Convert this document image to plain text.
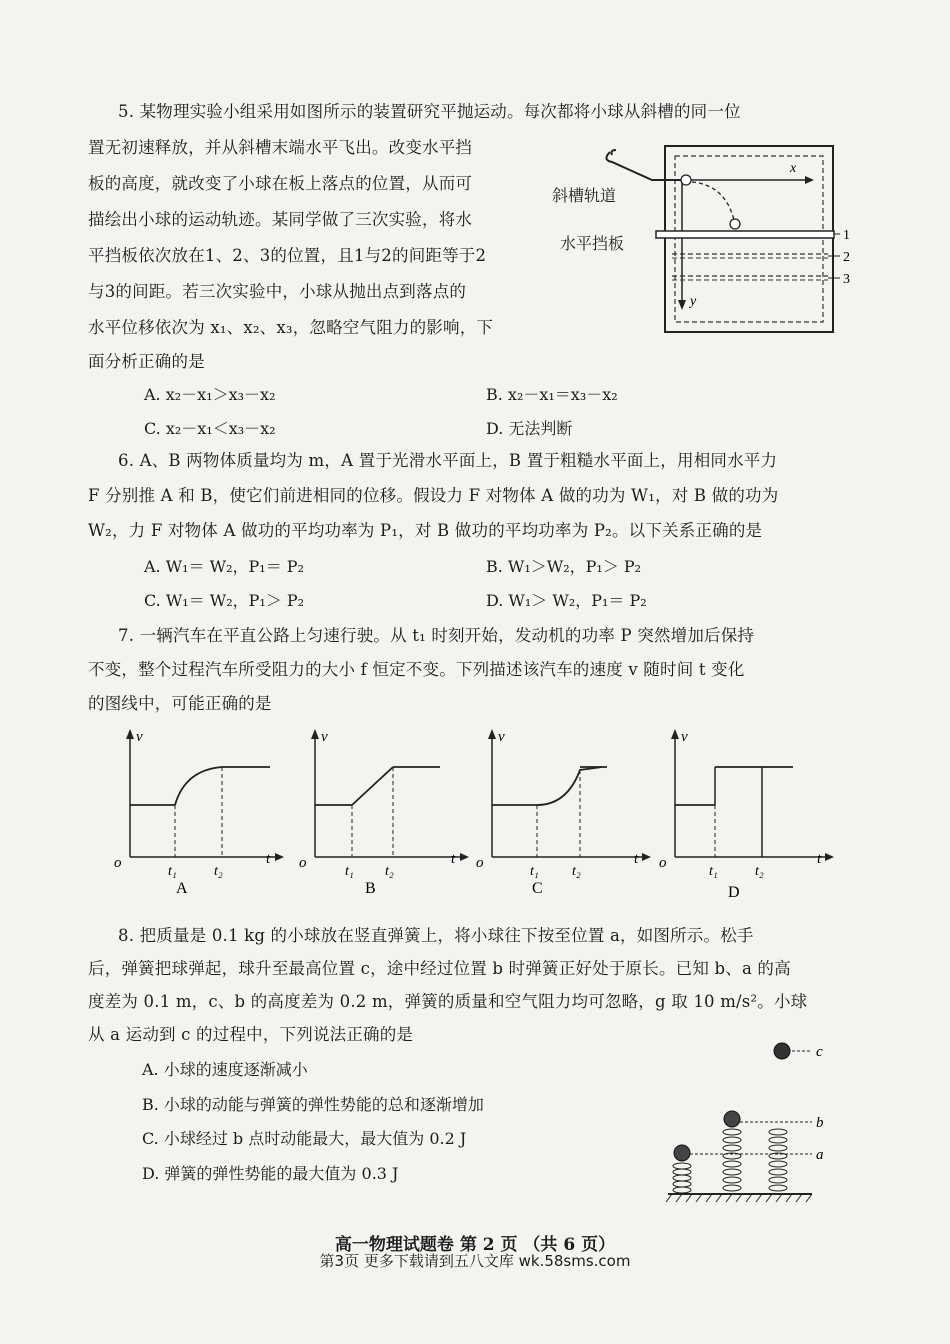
5. 某物理实验小组采用如图所示的装置研究平抛运动。每次都将小球从斜槽的同一位
置无初速释放，并从斜槽末端水平飞出。改变水平挡
板的高度，就改变了小球在板上落点的位置，从而可
描绘出小球的运动轨迹。某同学做了三次实验，将水
平挡板依次放在1、2、3的位置，且1与2的间距等于2
与3的间距。若三次实验中，小球从抛出点到落点的
水平位移依次为 x₁、x₂、x₃，忽略空气阻力的影响，下
面分析正确的是
斜槽轨道
水平挡板
x
y
1
2
3
A. x₂－x₁＞x₃－x₂	B. x₂－x₁＝x₃－x₂
C. x₂－x₁＜x₃－x₂	D. 无法判断
6. A、B 两物体质量均为 m，A 置于光滑水平面上，B 置于粗糙水平面上，用相同水平力
F 分别推 A 和 B，使它们前进相同的位移。假设力 F 对物体 A 做的功为 W₁，对 B 做的功为
W₂，力 F 对物体 A 做功的平均功率为 P₁，对 B 做功的平均功率为 P₂。以下关系正确的是
A. W₁＝ W₂，P₁＝ P₂	B. W₁＞W₂，P₁＞ P₂
C. W₁＝ W₂，P₁＞ P₂	D. W₁＞ W₂，P₁＝ P₂
7. 一辆汽车在平直公路上匀速行驶。从 t₁ 时刻开始，发动机的功率 P 突然增加后保持
不变，整个过程汽车所受阻力的大小 f 恒定不变。下列描述该汽车的速度 v 随时间 t 变化
的图线中，可能正确的是
v
o
t₁	t₂
t
A
v
o
t₁ t₂
t
B
v
o
t₁ t₂
t
C
v
o
t₁	t₂
t
D
8. 把质量是 0.1 kg 的小球放在竖直弹簧上，将小球往下按至位置 a，如图所示。松手
后，弹簧把球弹起，球升至最高位置 c，途中经过位置 b 时弹簧正好处于原长。已知 b、a 的高
度差为 0.1 m，c、b 的高度差为 0.2 m，弹簧的质量和空气阻力均可忽略，g 取 10 m/s²。小球
从 a 运动到 c 的过程中，下列说法正确的是
A. 小球的速度逐渐减小
B. 小球的动能与弹簧的弹性势能的总和逐渐增加
C. 小球经过 b 点时动能最大，最大值为 0.2 J
D. 弹簧的弹性势能的最大值为 0.3 J
c
b
a
高一物理试题卷 第 2 页 （共 6 页）
第3页 更多下载请到五八文库 wk.58sms.com
